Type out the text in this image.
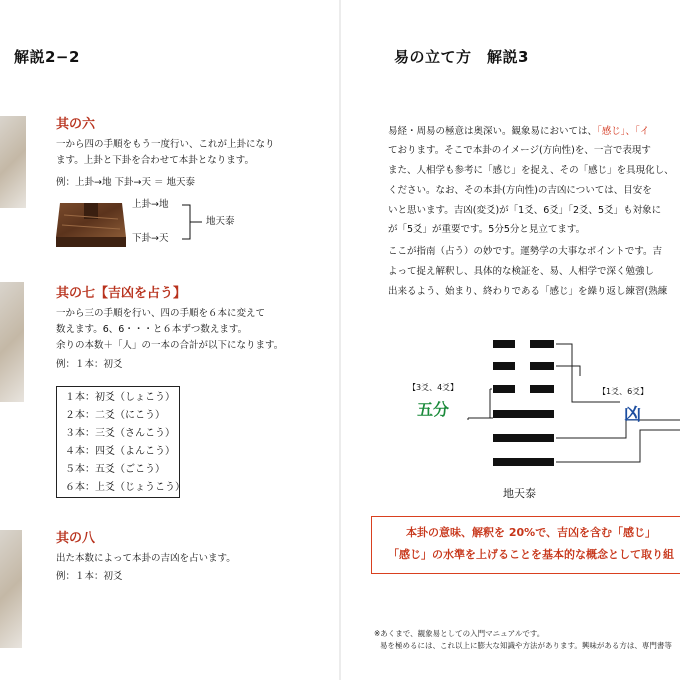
解説2−2
其の六
一から四の手順をもう一度行い、これが上卦になり
ます。上卦と下卦を合わせて本卦となります。
例：上卦→地 下卦→天 ＝ 地天泰
上卦→地
下卦→天
地天泰
其の七【吉凶を占う】
一から三の手順を行い、四の手順を６本に変えて
数えます。6、6・・・と６本ずつ数えます。
余りの本数＋「人」の一本の合計が以下になります。
例：１本：初爻
１本：初爻（しょこう）
２本：二爻（にこう）
３本：三爻（さんこう）
４本：四爻（よんこう）
５本：五爻（ごこう）
６本：上爻（じょうこう）
其の八
出た本数によって本卦の吉凶を占います。
例：１本：初爻
易の立て方　解説3
易経・周易の極意は奥深い。観象易においては、「感じ」、「イ
ております。そこで本卦のイメージ(方向性)を、一言で表現す
また、人相学も参考に「感じ」を捉え、その「感じ」を具現化し、
ください。なお、その本卦(方向性)の吉凶については、目安を
いと思います。吉凶(変爻)が「1爻、6爻」「2爻、5爻」も対象に
が「5爻」が重要です。5分5分と見立てます。
ここが指南（占う）の妙です。運勢学の大事なポイントです。吉
よって捉え解釈し、具体的な検証を、易、人相学で深く勉強し
出来るよう、始まり、終わりである「感じ」を繰り返し練習(熟練
【3爻、4爻】
五分
【1爻、6爻】
凶
地天泰
本卦の意味、解釈を 20%で、吉凶を含む「感じ」
「感じ」の水準を上げることを基本的な概念として取り組
※あくまで、観象易としての入門マニュアルです。
易を極めるには、これ以上に膨大な知識や方法があります。興味がある方は、専門書等
